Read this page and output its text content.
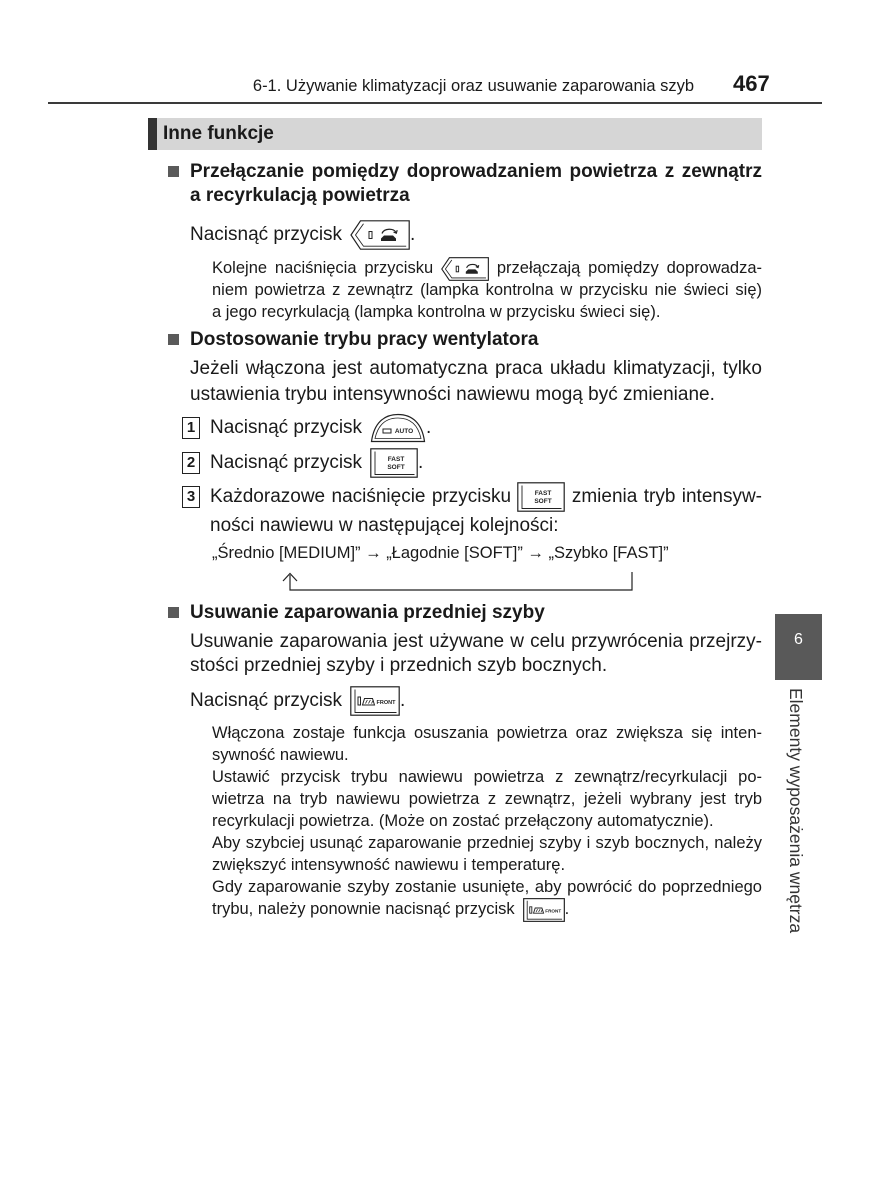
6-1. Używanie klimatyzacji oraz usuwanie zaparowania szyb 467
Inne funkcje
Przełączanie pomiędzy doprowadzaniem powietrza z zewnątrz
a recyrkulacją powietrza
Nacisnąć przycisk	.
Kolejne naciśnięcia przycisku	przełączają pomiędzy doprowadza-
niem powietrza z zewnątrz (lampka kontrolna w przycisku nie świeci się)
a jego recyrkulacją (lampka kontrolna w przycisku świeci się).
Dostosowanie trybu pracy wentylatora
Jeżeli włączona jest automatyczna praca układu klimatyzacji, tylko
ustawienia trybu intensywności nawiewu mogą być zmieniane.
1 Nacisnąć przycisk	AUTO .
2 Nacisnąć przycisk	FAST
SOFT .
3 Każdorazowe naciśnięcie przycisku	FAST
SOFT zmienia tryb intensyw-
ności nawiewu w następującej kolejności:
„Średnio [MEDIUM]” → „Łagodnie [SOFT]” → „Szybko [FAST]”
Usuwanie zaparowania przedniej szyby
Usuwanie zaparowania jest używane w celu przywrócenia przejrzy-
stości przedniej szyby i przednich szyb bocznych.
Nacisnąć przycisk	FRONT .
Włączona zostaje funkcja osuszania powietrza oraz zwiększa się inten-
sywność nawiewu.
Ustawić przycisk trybu nawiewu powietrza z zewnątrz/recyrkulacji po-
wietrza na tryb nawiewu powietrza z zewnątrz, jeżeli wybrany jest tryb
recyrkulacji powietrza. (Może on zostać przełączony automatycznie).
Aby szybciej usunąć zaparowanie przedniej szyby i szyb bocznych, należy
zwiększyć intensywność nawiewu i temperaturę.
Gdy zaparowanie szyby zostanie usunięte, aby powrócić do poprzedniego
trybu, należy ponownie nacisnąć przycisk	FRONT .
6
Elementy wyposażenia wnętrza
